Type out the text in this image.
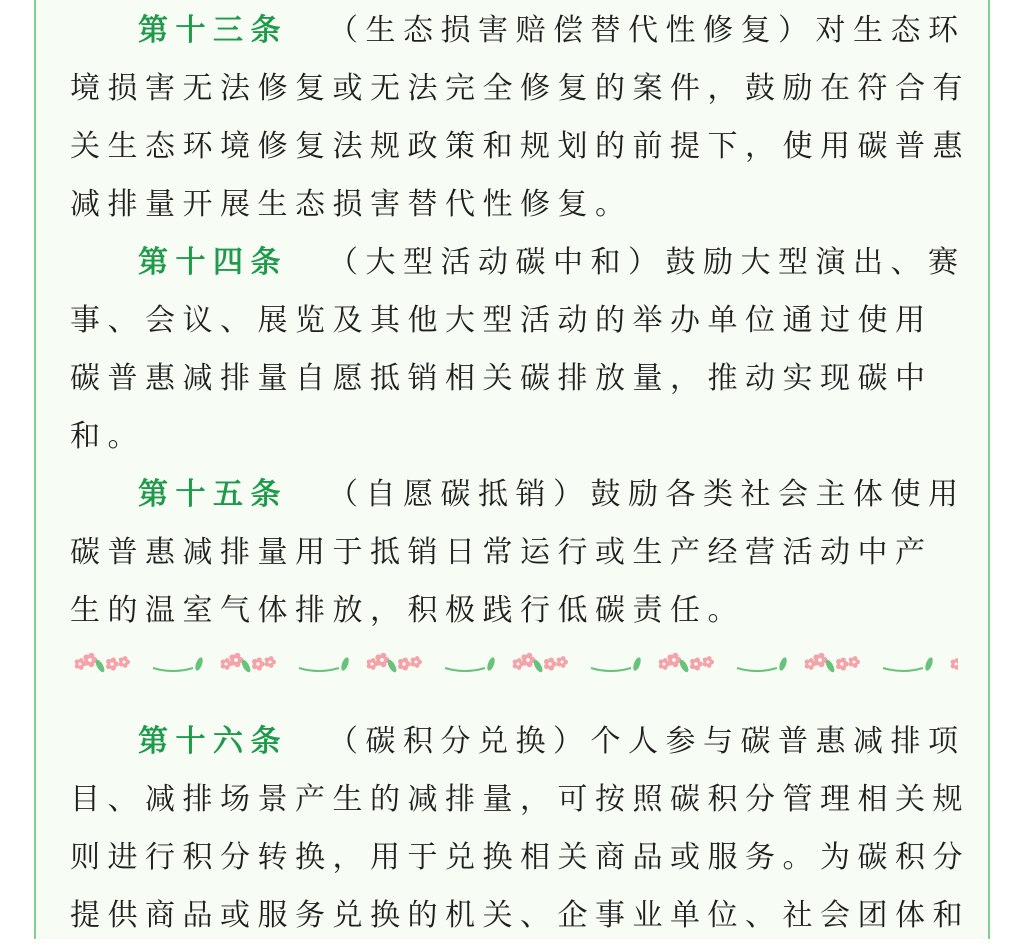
第十三条 （生态损害赔偿替代性修复）对生态环
境损害无法修复或无法完全修复的案件，鼓励在符合有
关生态环境修复法规政策和规划的前提下，使用碳普惠
减排量开展生态损害替代性修复。
第十四条 （大型活动碳中和）鼓励大型演出、赛
事、会议、展览及其他大型活动的举办单位通过使用
碳普惠减排量自愿抵销相关碳排放量，推动实现碳中
和。
第十五条 （自愿碳抵销）鼓励各类社会主体使用
碳普惠减排量用于抵销日常运行或生产经营活动中产
生的温室气体排放，积极践行低碳责任。
第十六条 （碳积分兑换）个人参与碳普惠减排项
目、减排场景产生的减排量，可按照碳积分管理相关规
则进行积分转换，用于兑换相关商品或服务。为碳积分
提供商品或服务兑换的机关、企事业单位、社会团体和
